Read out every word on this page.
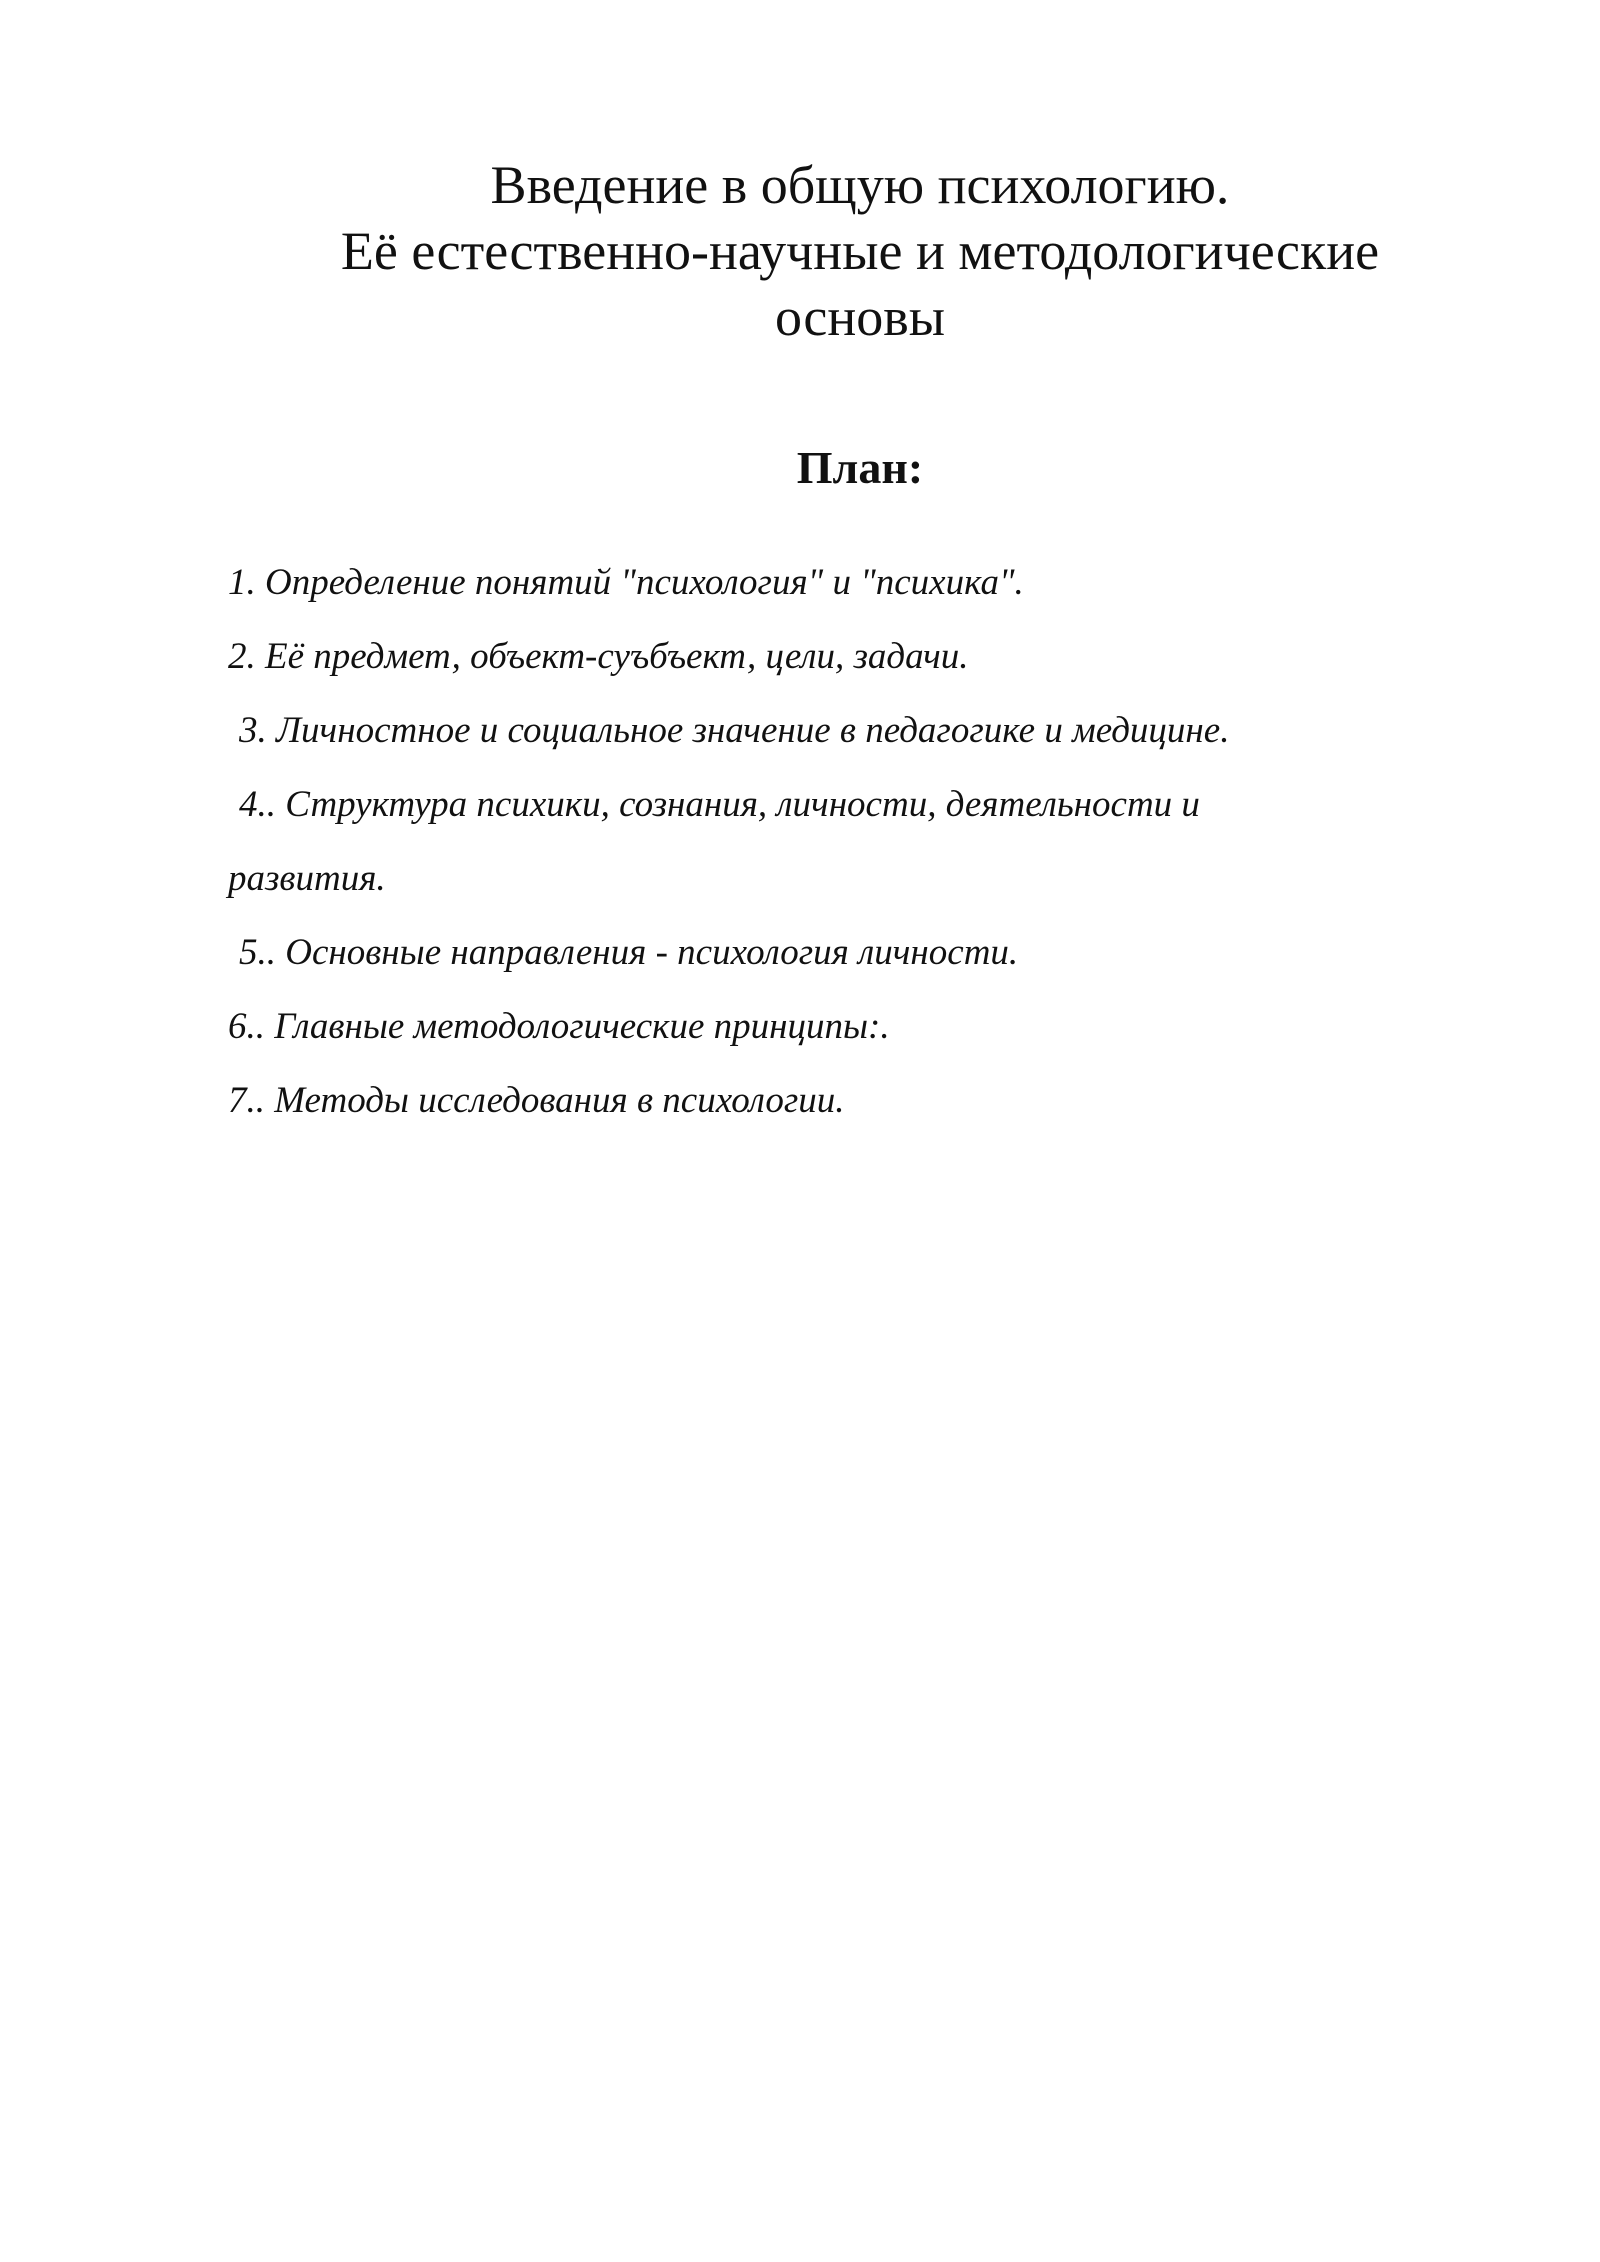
Введение в общую психологию.
Её естественно-научные и методологические
основы
План:
1. Определение понятий "психология" и "психика".
2. Её предмет, объект-суъбъект, цели, задачи.
3. Личностное и социальное значение в педагогике и медицине.
4.. Структура психики, сознания, личности, деятельности и
развития.
5.. Основные направления - психология личности.
6.. Главные методологические принципы:.
7.. Методы исследования в психологии.
